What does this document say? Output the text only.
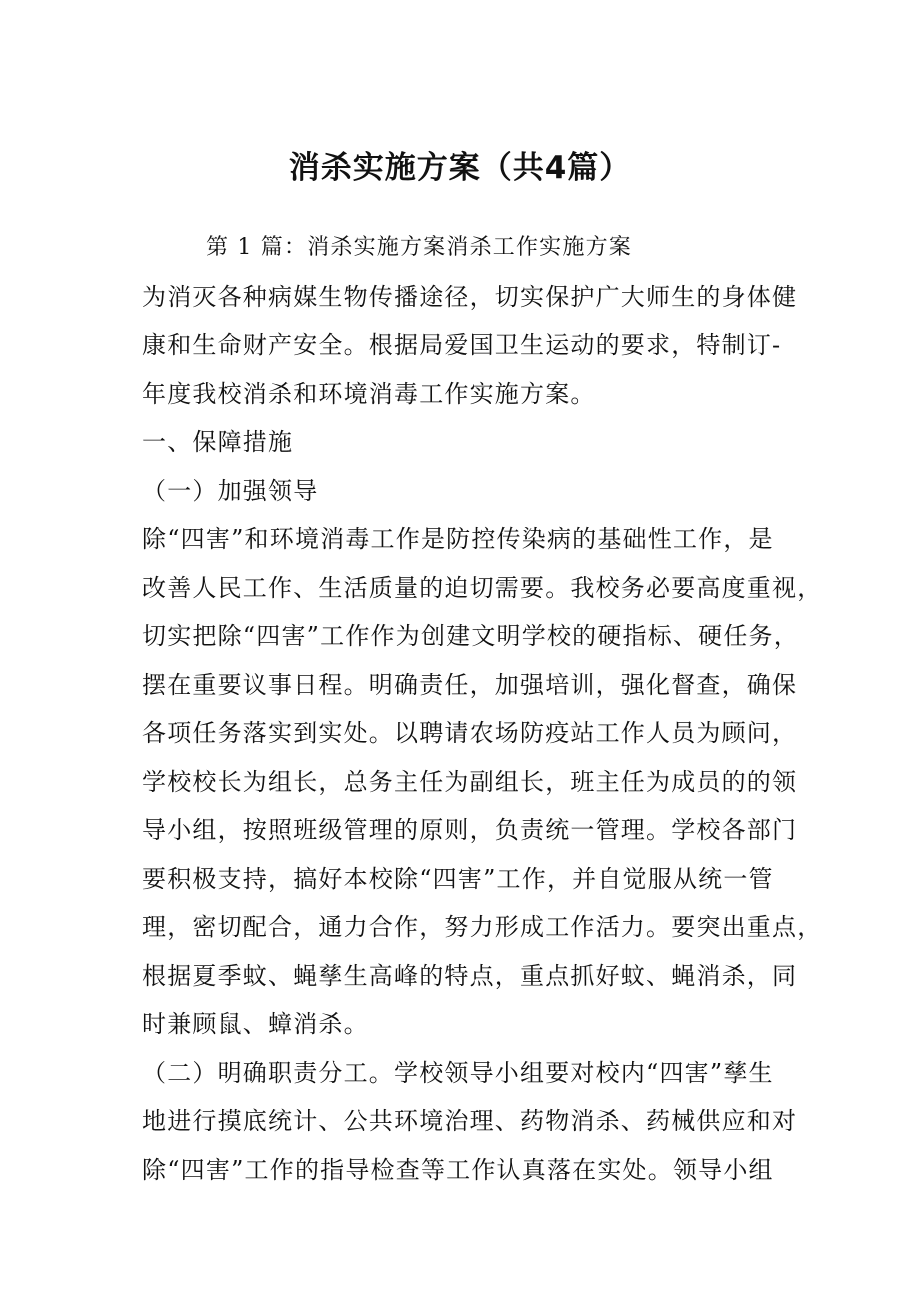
消杀实施方案（共4篇）
第 1 篇：消杀实施方案消杀工作实施方案
为消灭各种病媒生物传播途径，切实保护广大师生的身体健
康和生命财产安全。根据局爱国卫生运动的要求，特制订-
年度我校消杀和环境消毒工作实施方案。
一、保障措施
（一）加强领导
除“四害”和环境消毒工作是防控传染病的基础性工作，是
改善人民工作、生活质量的迫切需要。我校务必要高度重视，
切实把除“四害”工作作为创建文明学校的硬指标、硬任务，
摆在重要议事日程。明确责任，加强培训，强化督查，确保
各项任务落实到实处。以聘请农场防疫站工作人员为顾问，
学校校长为组长，总务主任为副组长，班主任为成员的的领
导小组，按照班级管理的原则，负责统一管理。学校各部门
要积极支持，搞好本校除“四害”工作，并自觉服从统一管
理，密切配合，通力合作，努力形成工作活力。要突出重点，
根据夏季蚊、蝇孳生高峰的特点，重点抓好蚊、蝇消杀，同
时兼顾鼠、蟑消杀。
（二）明确职责分工。学校领导小组要对校内“四害”孳生
地进行摸底统计、公共环境治理、药物消杀、药械供应和对
除“四害”工作的指导检查等工作认真落在实处。领导小组
